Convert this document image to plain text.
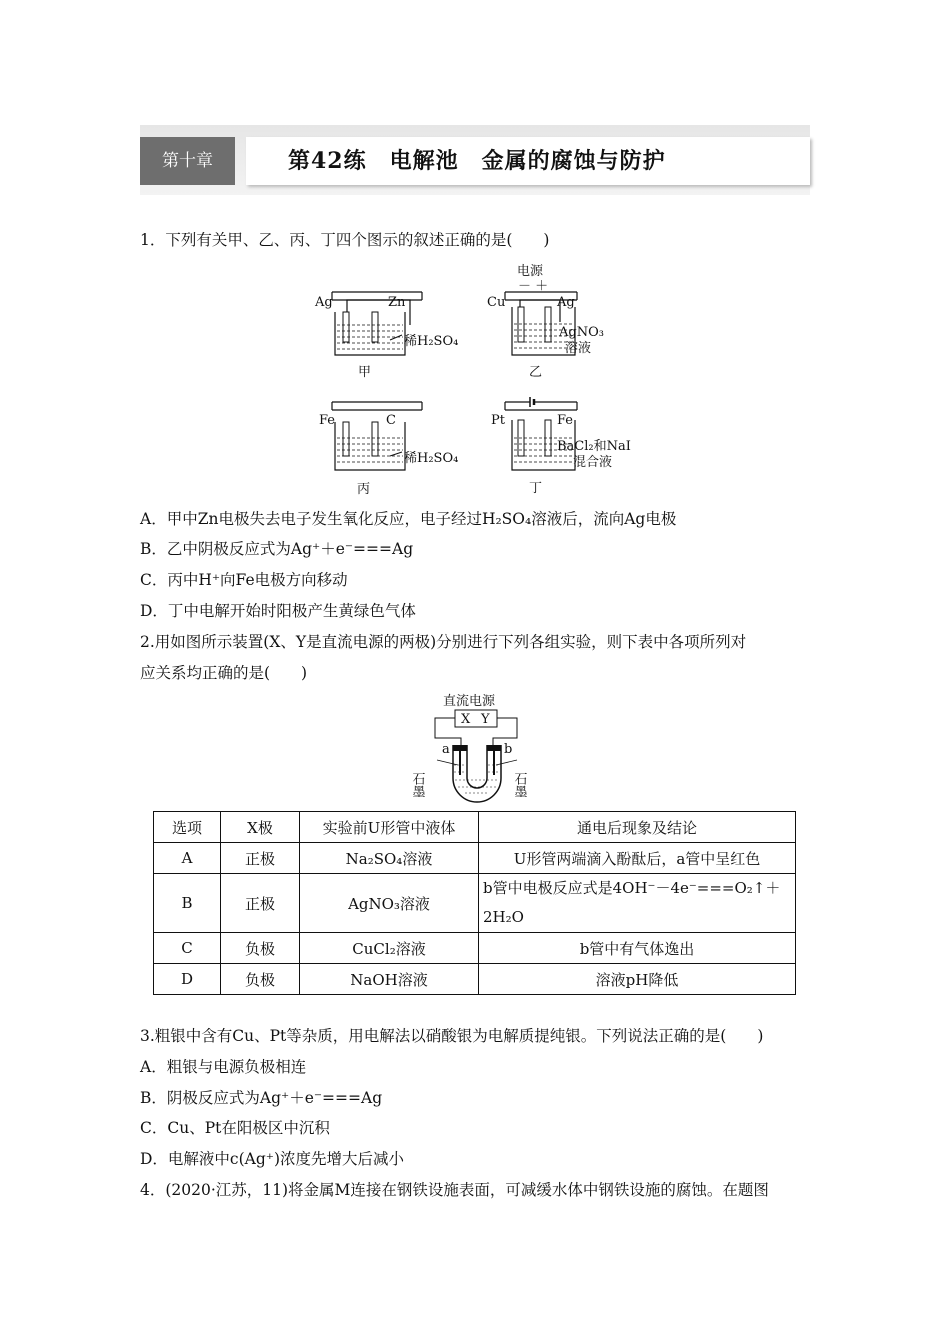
第十章	第42练　电解池　金属的腐蚀与防护
1．下列有关甲、乙、丙、丁四个图示的叙述正确的是(　　)
Ag	Zn
稀H₂SO₄
甲
电源
－ ＋
Cu	Ag
AgNO₃
溶液
乙
Fe	C
稀H₂SO₄
丙
Pt	Fe
BaCl₂和NaI
混合液
丁
A．甲中Zn电极失去电子发生氧化反应，电子经过H₂SO₄溶液后，流向Ag电极
B．乙中阴极反应式为Ag⁺＋e⁻===Ag
C．丙中H⁺向Fe电极方向移动
D．丁中电解开始时阳极产生黄绿色气体
2.用如图所示装置(X、Y是直流电源的两极)分别进行下列各组实验，则下表中各项所列对
应关系均正确的是(　　)
直流电源
X Y
a	b
石墨	石墨
选项	X极	实验前U形管中液体	通电后现象及结论
A	正极	Na₂SO₄溶液	U形管两端滴入酚酞后，a管中呈红色
B	正极	AgNO₃溶液	b管中电极反应式是4OH⁻－4e⁻===O₂↑＋2H₂O
C	负极	CuCl₂溶液	b管中有气体逸出
D	负极	NaOH溶液	溶液pH降低
3.粗银中含有Cu、Pt等杂质，用电解法以硝酸银为电解质提纯银。下列说法正确的是(　　)
A．粗银与电源负极相连
B．阴极反应式为Ag⁺＋e⁻===Ag
C．Cu、Pt在阳极区中沉积
D．电解液中c(Ag⁺)浓度先增大后减小
4．(2020·江苏，11)将金属M连接在钢铁设施表面，可减缓水体中钢铁设施的腐蚀。在题图
